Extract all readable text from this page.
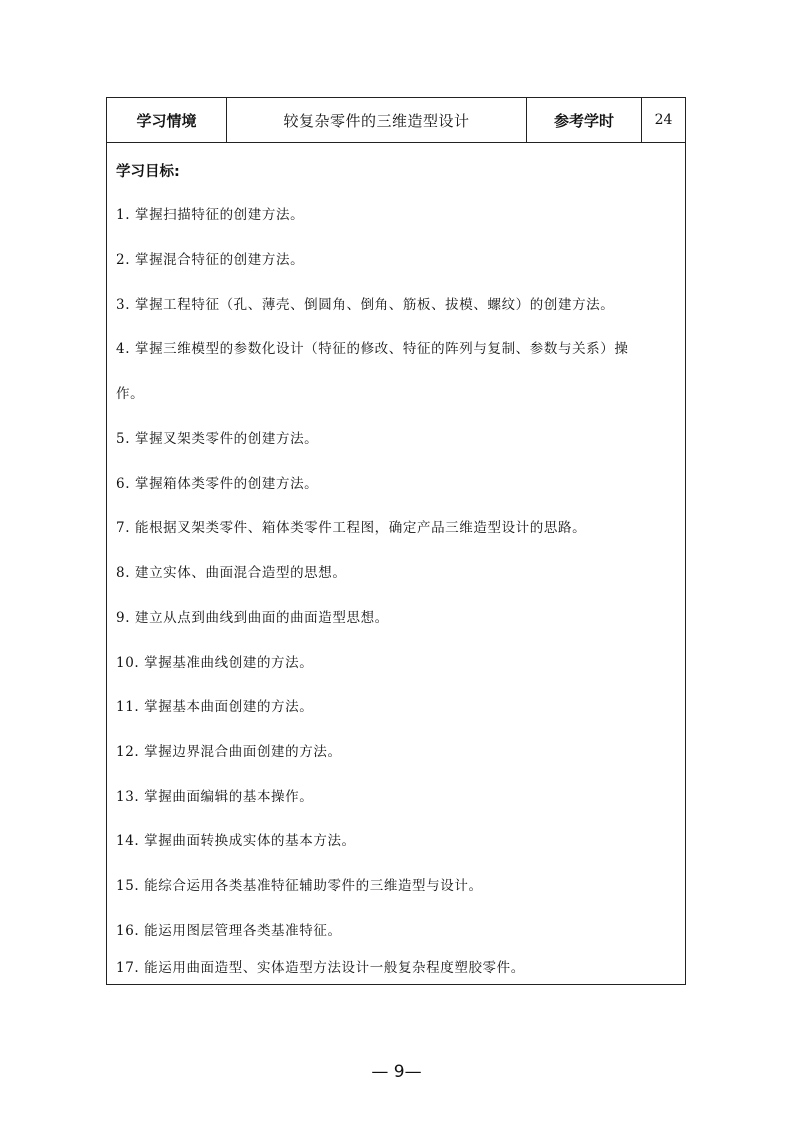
学习情境	较复杂零件的三维造型设计	参考学时	24
学习目标:
1. 掌握扫描特征的创建方法。
2. 掌握混合特征的创建方法。
3. 掌握工程特征（孔、薄壳、倒圆角、倒角、筋板、拔模、螺纹）的创建方法。
4. 掌握三维模型的参数化设计（特征的修改、特征的阵列与复制、参数与关系）操
作。
5. 掌握叉架类零件的创建方法。
6. 掌握箱体类零件的创建方法。
7. 能根据叉架类零件、箱体类零件工程图，确定产品三维造型设计的思路。
8. 建立实体、曲面混合造型的思想。
9. 建立从点到曲线到曲面的曲面造型思想。
10. 掌握基准曲线创建的方法。
11. 掌握基本曲面创建的方法。
12. 掌握边界混合曲面创建的方法。
13. 掌握曲面编辑的基本操作。
14. 掌握曲面转换成实体的基本方法。
15. 能综合运用各类基准特征辅助零件的三维造型与设计。
16. 能运用图层管理各类基准特征。
17. 能运用曲面造型、实体造型方法设计一般复杂程度塑胶零件。
— 9—
